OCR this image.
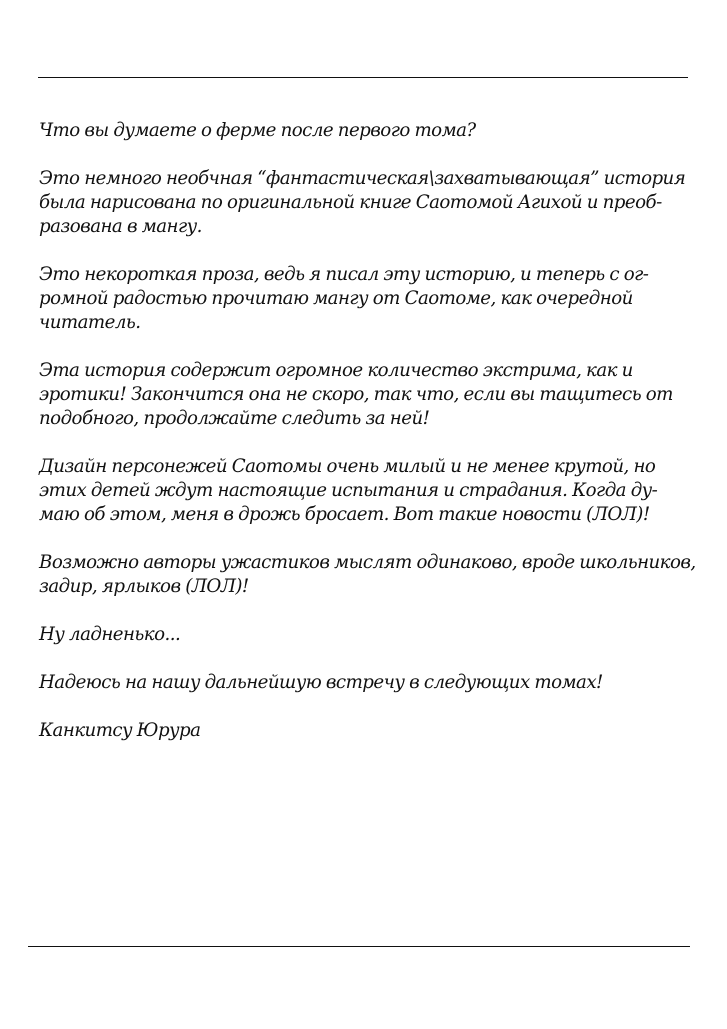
Что вы думаете о ферме после первого тома?

Это немного необчная “фантастическая\захватывающая” история
была нарисована по оригинальной книге Саотомой Агихой и преоб-
разована в мангу.

Это некороткая проза, ведь я писал эту историю, и теперь с ог-
ромной радостью прочитаю мангу от Саотоме, как очередной
читатель.

Эта история содержит огромное количество экстрима, как и
эротики! Закончится она не скоро, так что, если вы тащитесь от
подобного, продолжайте следить за ней!

Дизайн персонежей Саотомы очень милый и не менее крутой, но
этих детей ждут настоящие испытания и страдания. Когда ду-
маю об этом, меня в дрожь бросает. Вот такие новости (ЛОЛ)!

Возможно авторы ужастиков мыслят одинаково, вроде школьников,
задир, ярлыков (ЛОЛ)!

Ну ладненько...

Надеюсь на нашу дальнейшую встречу в следующих томах!

Канкитсу Юрура
